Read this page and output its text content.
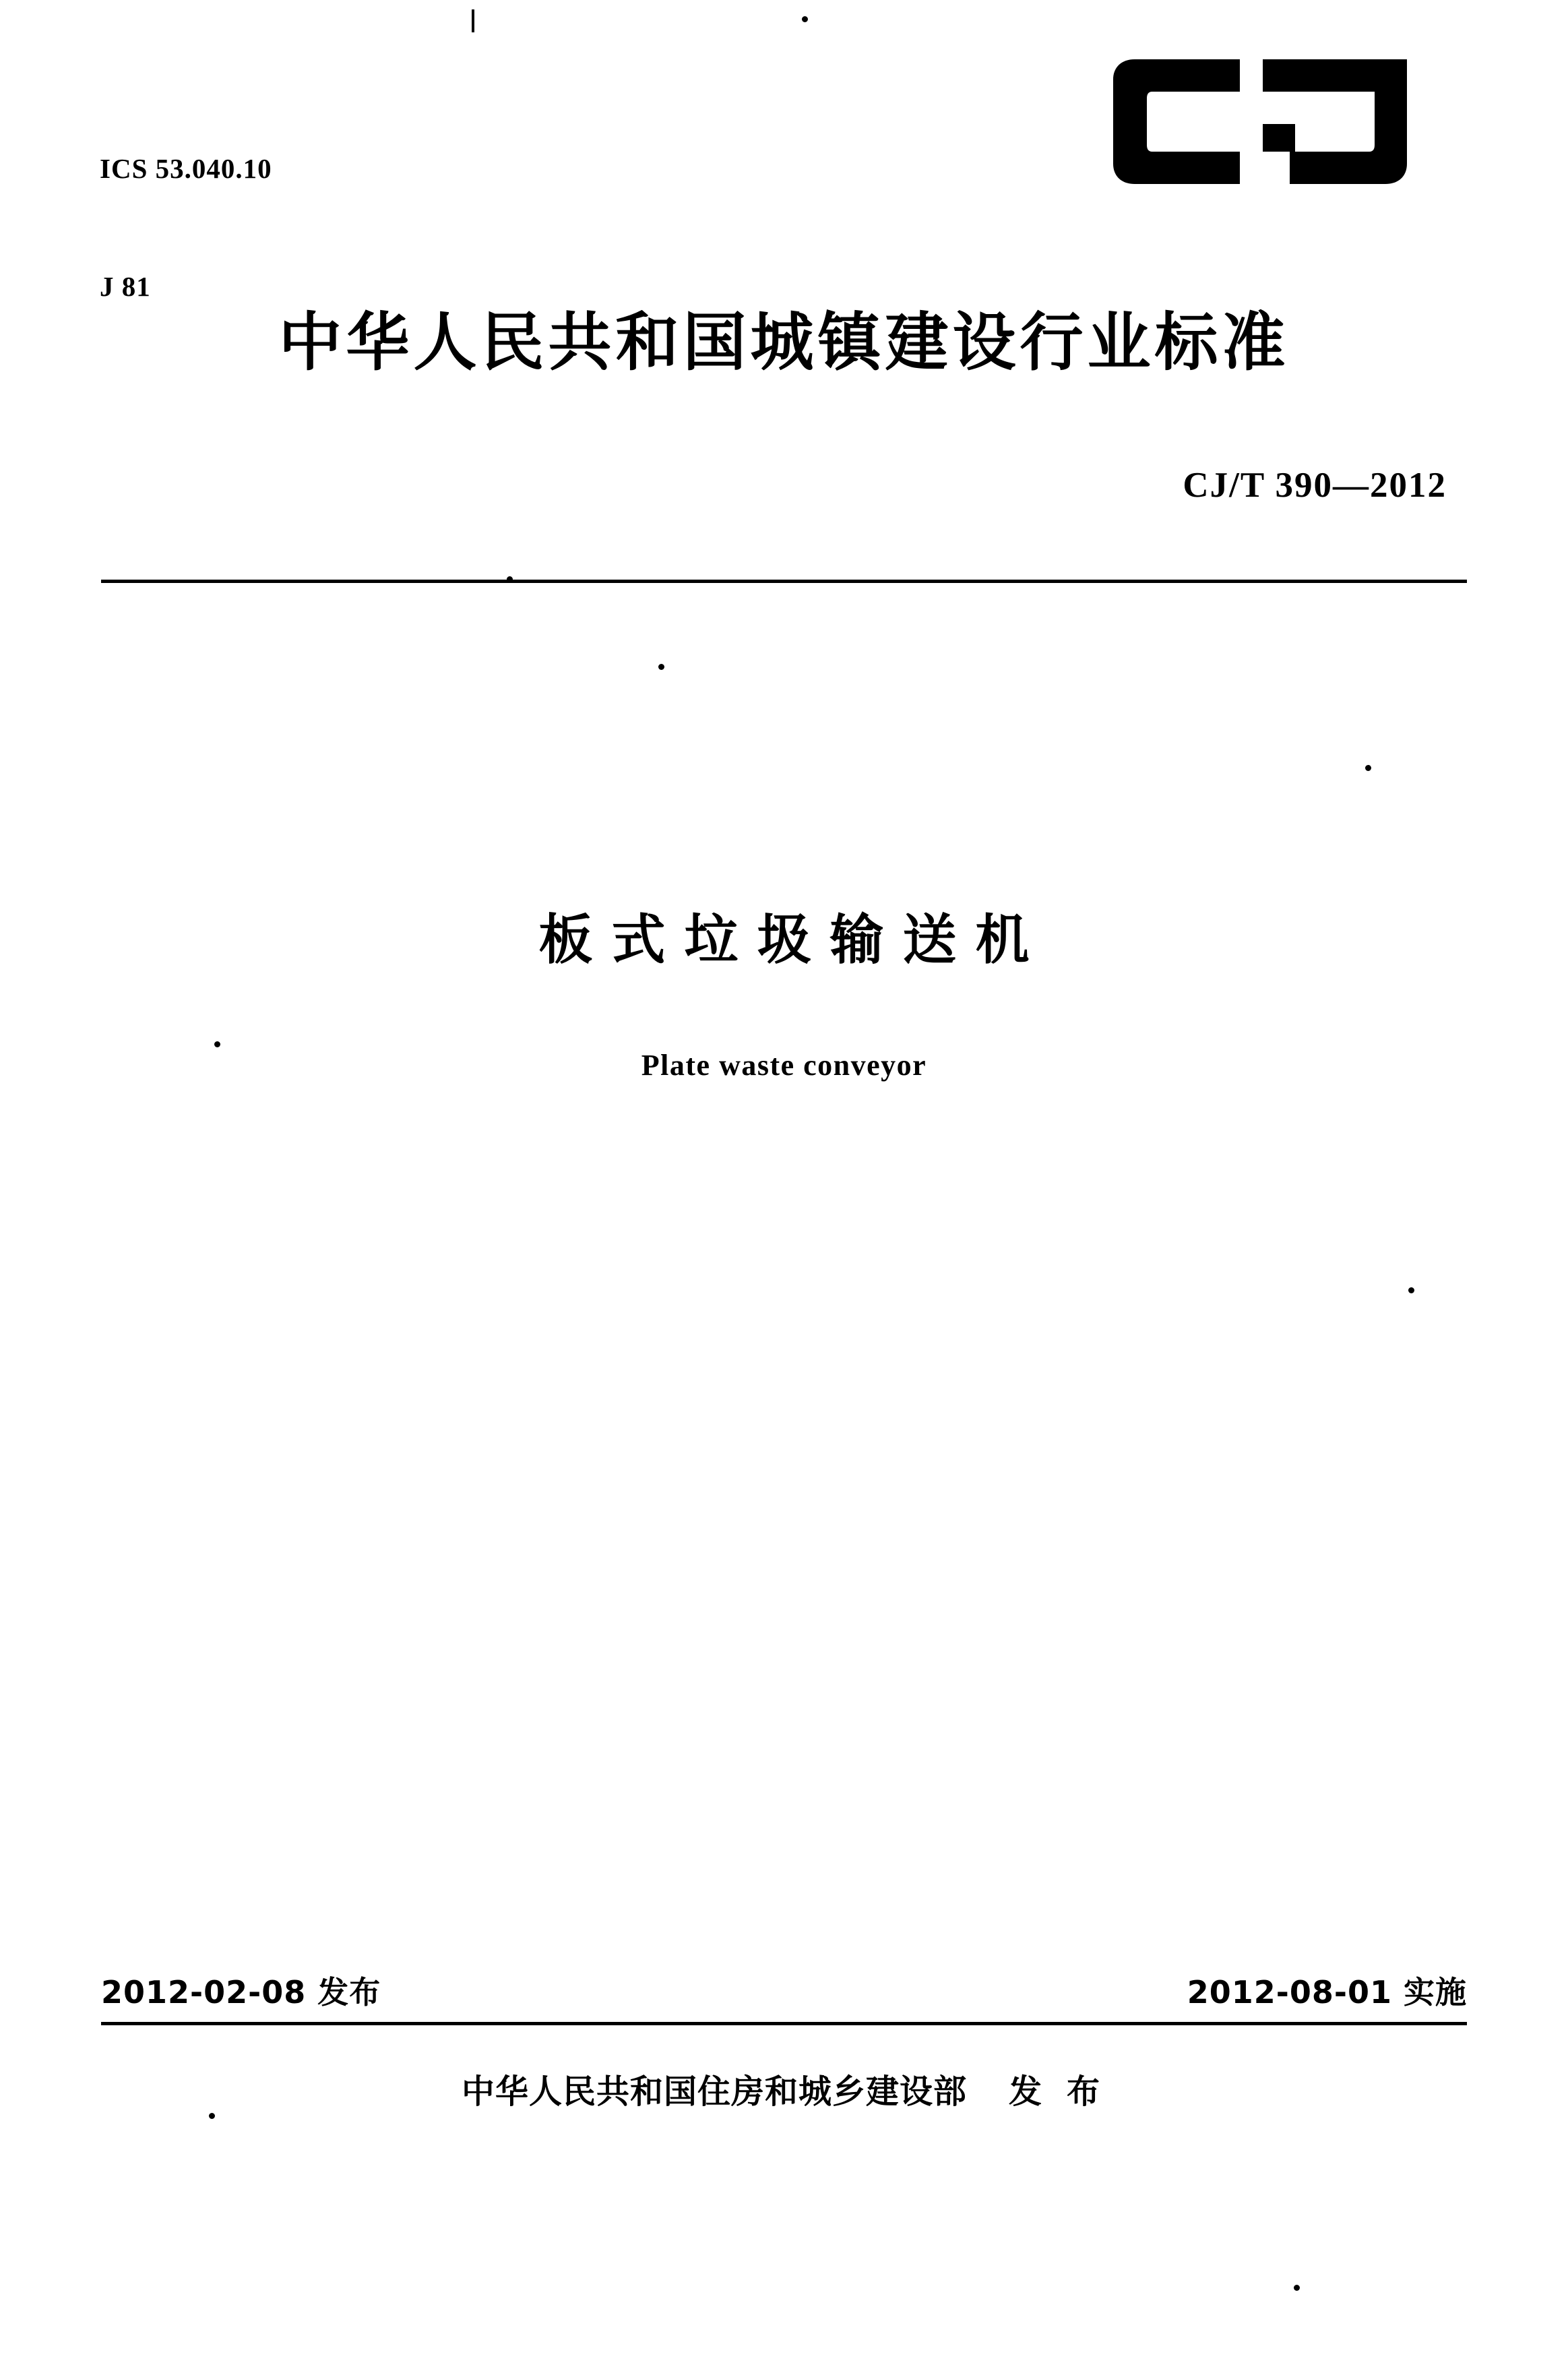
ICS 53.040.10

J 81

中华人民共和国城镇建设行业标准
CJ/T 390—2012
板式垃圾输送机
Plate waste conveyor
2012-02-08 发布	2012-08-01 实施
中华人民共和国住房和城乡建设部 发 布
